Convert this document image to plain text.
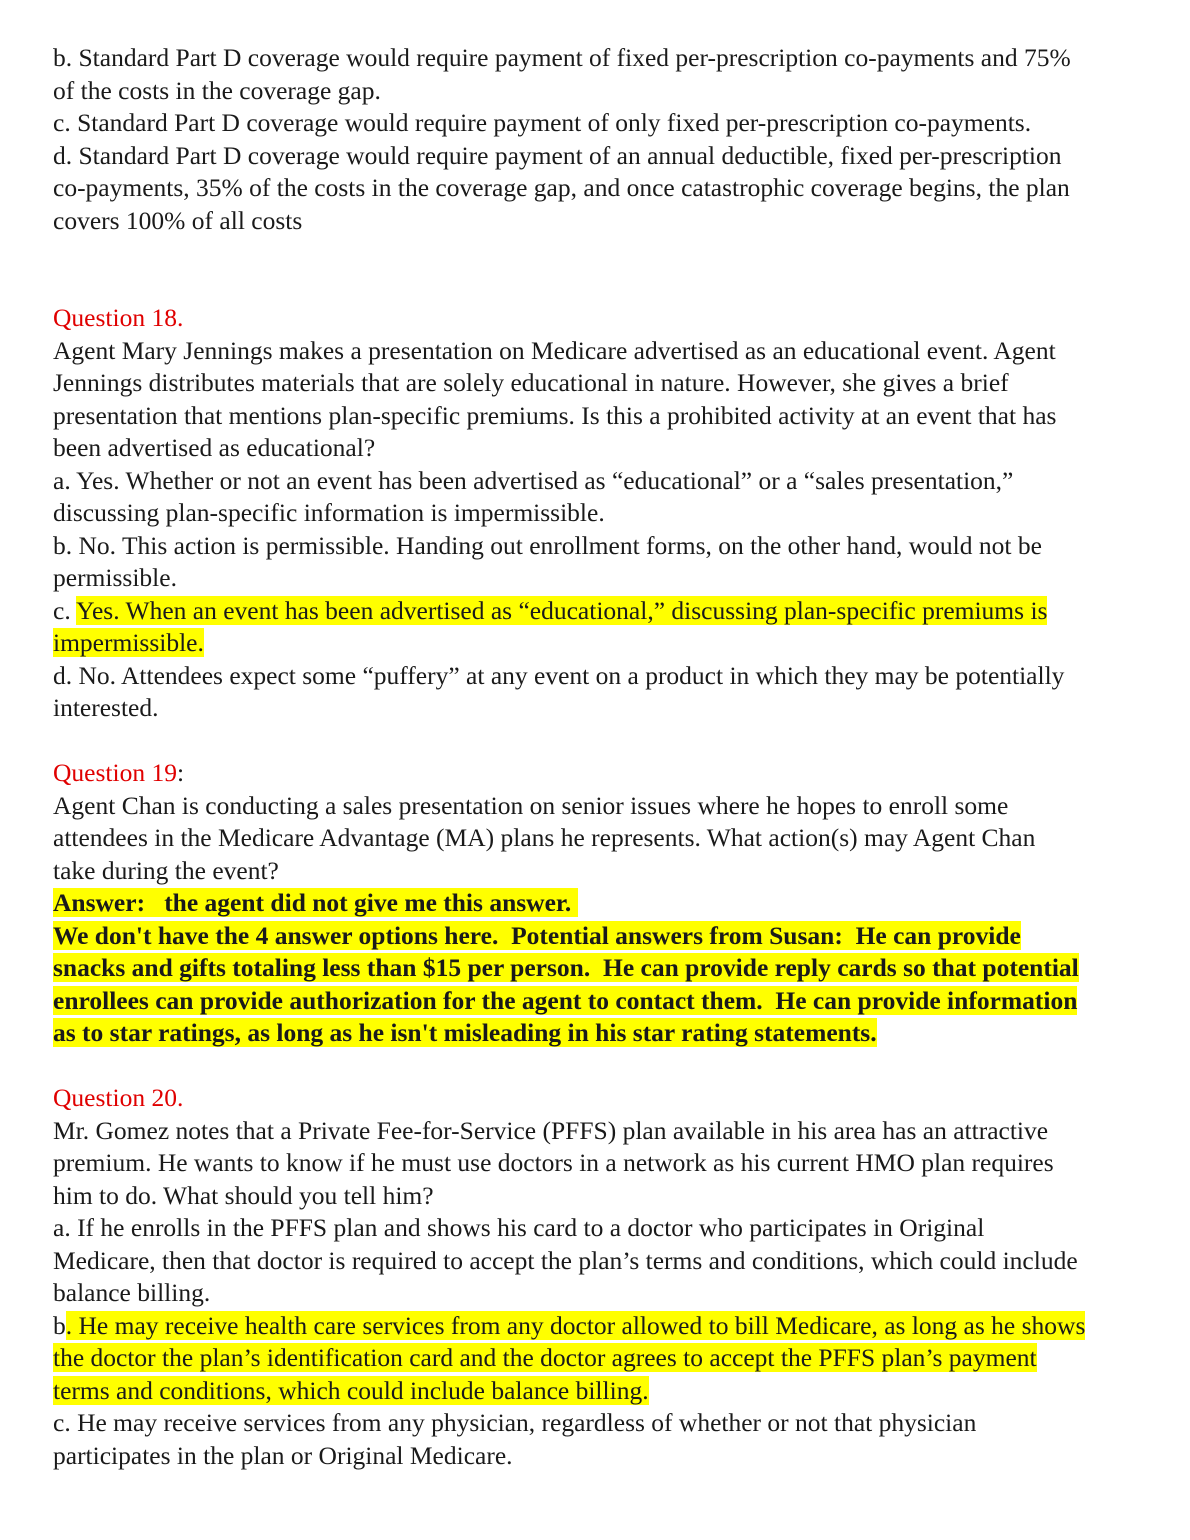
b. Standard Part D coverage would require payment of fixed per-prescription co-payments and 75%
of the costs in the coverage gap.
c. Standard Part D coverage would require payment of only fixed per-prescription co-payments.
d. Standard Part D coverage would require payment of an annual deductible, fixed per-prescription
co-payments, 35% of the costs in the coverage gap, and once catastrophic coverage begins, the plan
covers 100% of all costs
Question 18.
Agent Mary Jennings makes a presentation on Medicare advertised as an educational event. Agent
Jennings distributes materials that are solely educational in nature. However, she gives a brief
presentation that mentions plan-specific premiums. Is this a prohibited activity at an event that has
been advertised as educational?
a. Yes. Whether or not an event has been advertised as “educational” or a “sales presentation,”
discussing plan-specific information is impermissible.
b. No. This action is permissible. Handing out enrollment forms, on the other hand, would not be
permissible.
c. Yes. When an event has been advertised as “educational,” discussing plan-specific premiums is
impermissible.
d. No. Attendees expect some “puffery” at any event on a product in which they may be potentially
interested.
Question 19:
Agent Chan is conducting a sales presentation on senior issues where he hopes to enroll some
attendees in the Medicare Advantage (MA) plans he represents. What action(s) may Agent Chan
take during the event?
Answer:   the agent did not give me this answer.
We don't have the 4 answer options here.  Potential answers from Susan:  He can provide
snacks and gifts totaling less than $15 per person.  He can provide reply cards so that potential
enrollees can provide authorization for the agent to contact them.  He can provide information
as to star ratings, as long as he isn't misleading in his star rating statements.
Question 20.
Mr. Gomez notes that a Private Fee-for-Service (PFFS) plan available in his area has an attractive
premium. He wants to know if he must use doctors in a network as his current HMO plan requires
him to do. What should you tell him?
a. If he enrolls in the PFFS plan and shows his card to a doctor who participates in Original
Medicare, then that doctor is required to accept the plan’s terms and conditions, which could include
balance billing.
b. He may receive health care services from any doctor allowed to bill Medicare, as long as he shows
the doctor the plan’s identification card and the doctor agrees to accept the PFFS plan’s payment
terms and conditions, which could include balance billing.
c. He may receive services from any physician, regardless of whether or not that physician
participates in the plan or Original Medicare.
